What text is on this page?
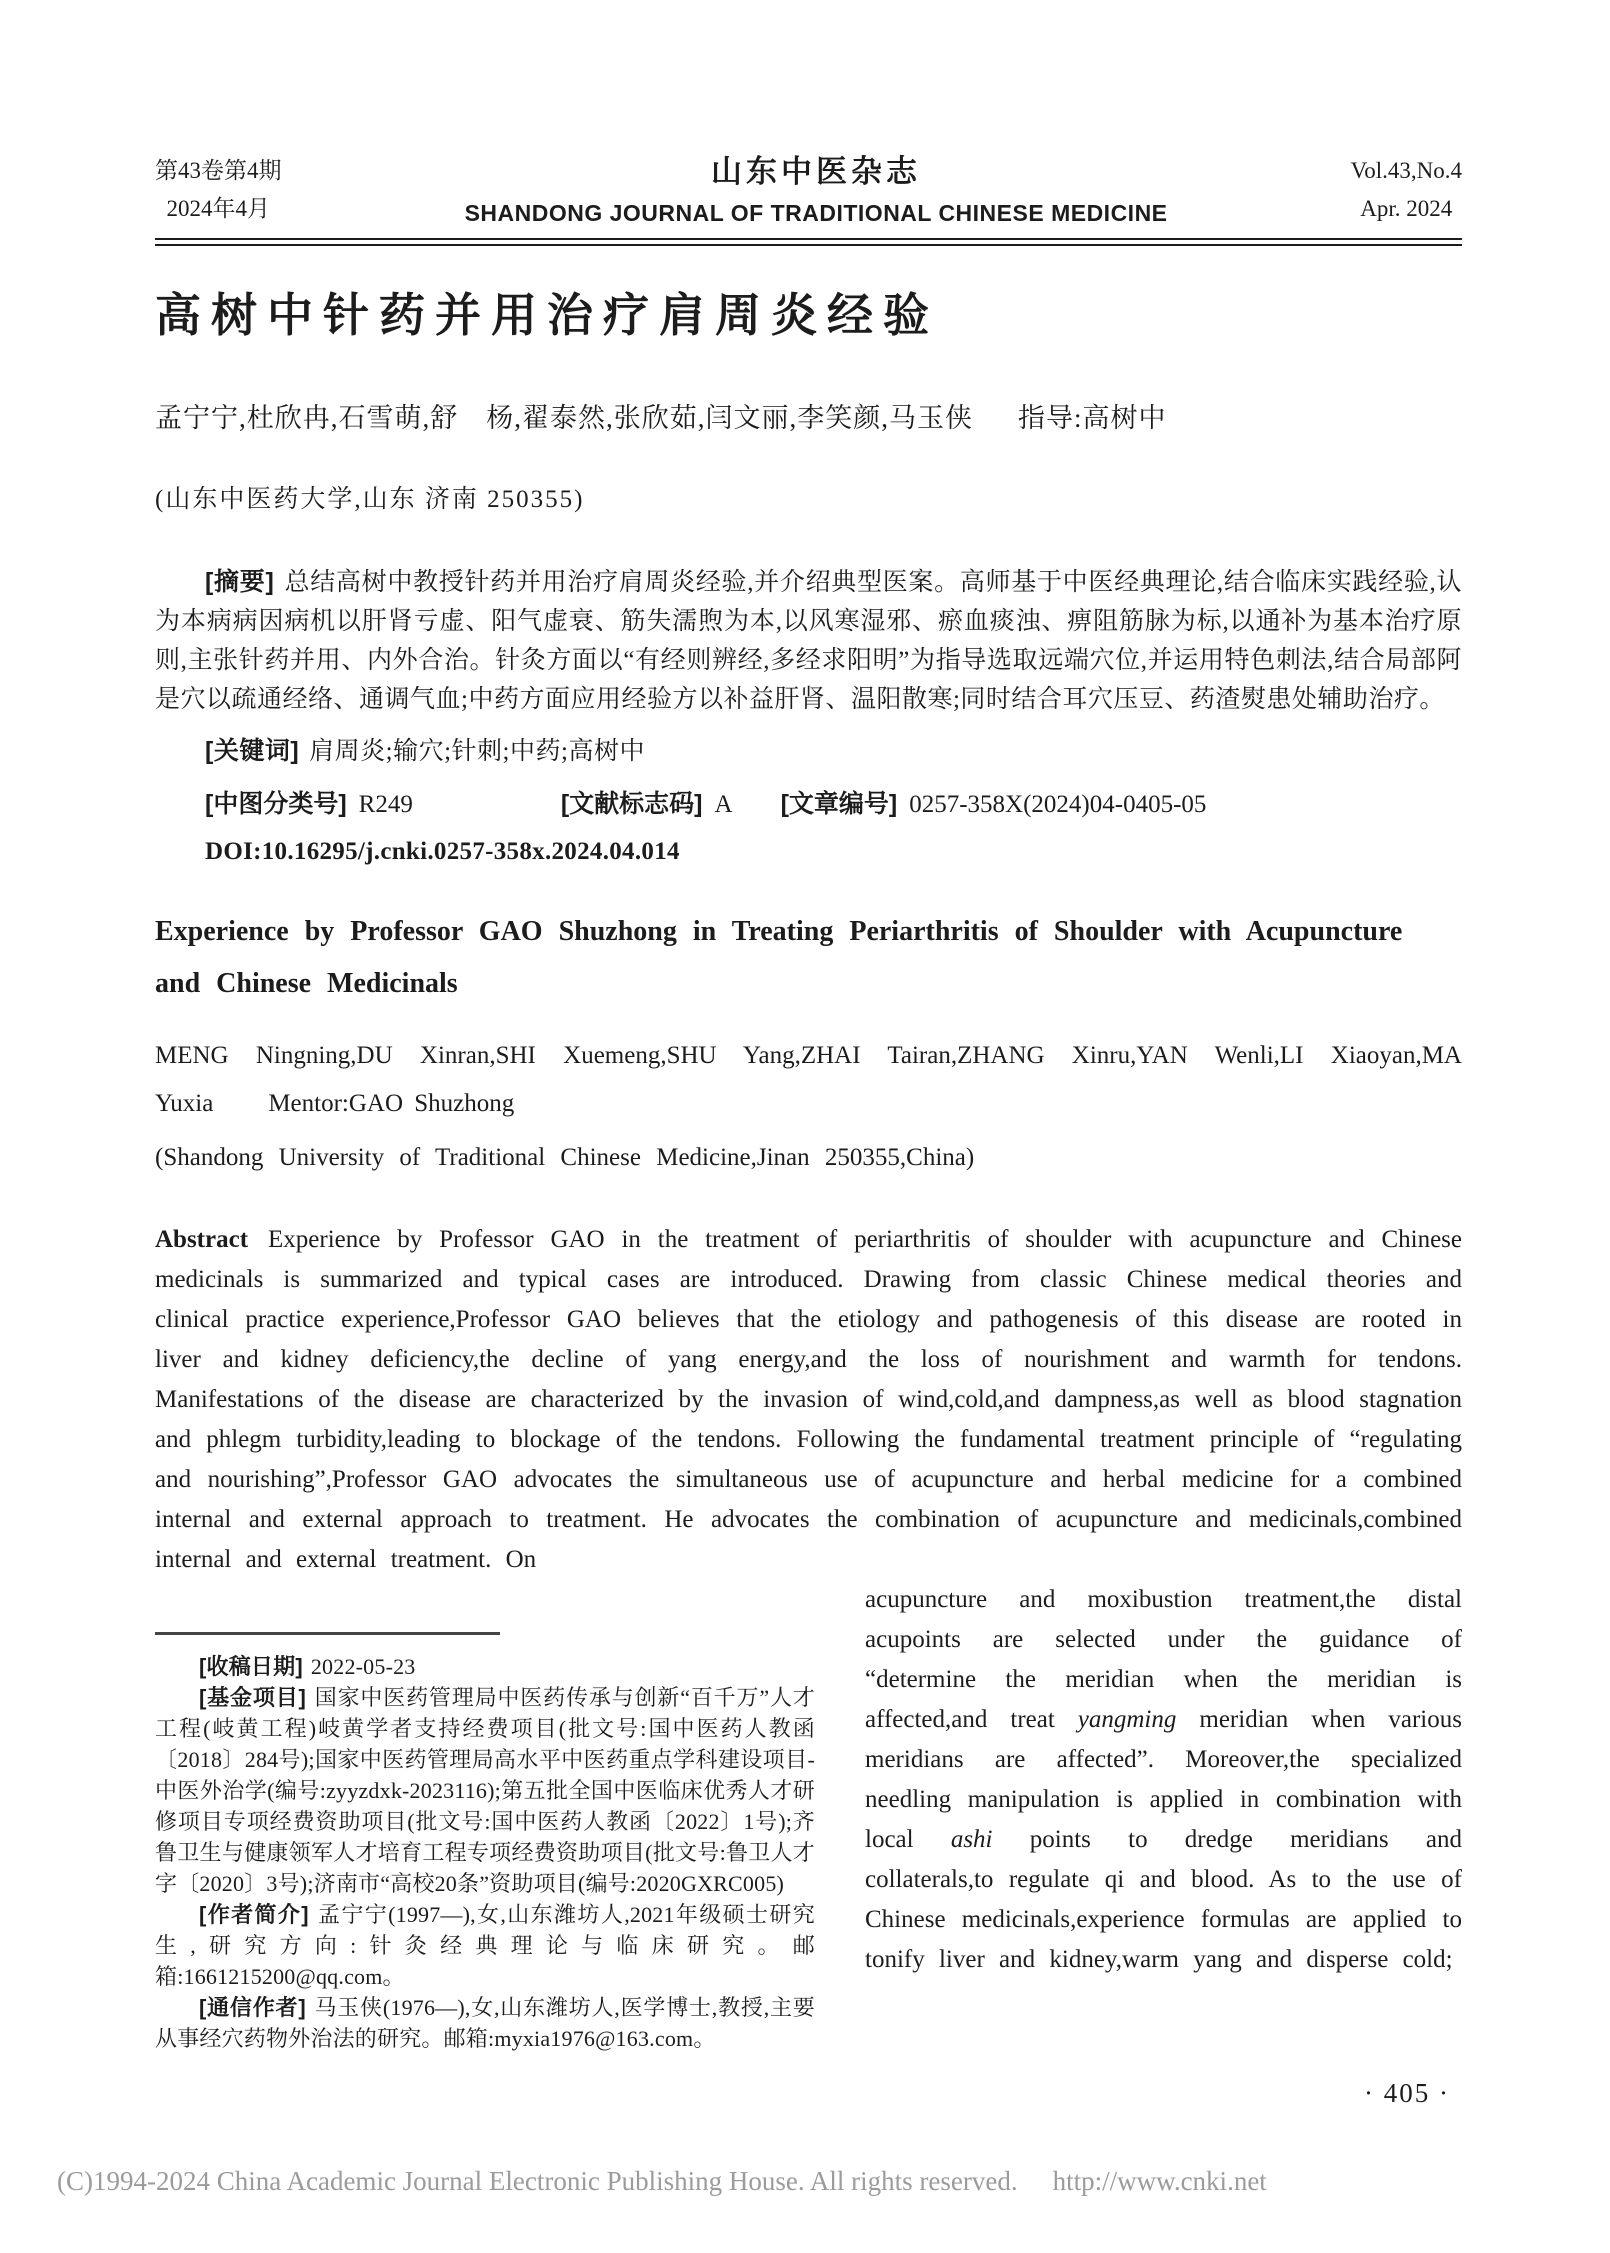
第43卷第4期
2024年4月
山东中医杂志
SHANDONG JOURNAL OF TRADITIONAL CHINESE MEDICINE
Vol.43,No.4
Apr. 2024
高树中针药并用治疗肩周炎经验

孟宁宁,杜欣冉,石雪萌,舒　杨,翟泰然,张欣茹,闫文丽,李笑颜,马玉侠 指导:高树中

(山东中医药大学,山东 济南 250355)

[摘要] 总结高树中教授针药并用治疗肩周炎经验,并介绍典型医案。高师基于中医经典理论,结合临床实践经验,认为本病病因病机以肝肾亏虚、阳气虚衰、筋失濡煦为本,以风寒湿邪、瘀血痰浊、痹阻筋脉为标,以通补为基本治疗原则,主张针药并用、内外合治。针灸方面以“有经则辨经,多经求阳明”为指导选取远端穴位,并运用特色刺法,结合局部阿是穴以疏通经络、通调气血;中药方面应用经验方以补益肝肾、温阳散寒;同时结合耳穴压豆、药渣熨患处辅助治疗。

[关键词] 肩周炎;输穴;针刺;中药;高树中

[中图分类号] R249	[文献标志码] A [文章编号] 0257-358X(2024)04-0405-05

DOI:10.16295/j.cnki.0257-358x.2024.04.014

Experience by Professor GAO Shuzhong in Treating Periarthritis of Shoulder with Acupuncture and Chinese Medicinals

MENG Ningning,DU Xinran,SHI Xuemeng,SHU Yang,ZHAI Tairan,ZHANG Xinru,YAN Wenli,LI Xiaoyan,MA Yuxia Mentor:GAO Shuzhong

(Shandong University of Traditional Chinese Medicine,Jinan 250355,China)

Abstract Experience by Professor GAO in the treatment of periarthritis of shoulder with acupuncture and Chinese medicinals is summarized and typical cases are introduced. Drawing from classic Chinese medical theories and clinical practice experience,Professor GAO believes that the etiology and pathogenesis of this disease are rooted in liver and kidney deficiency,the decline of yang energy,and the loss of nourishment and warmth for tendons. Manifestations of the disease are characterized by the invasion of wind,cold,and dampness,as well as blood stagnation and phlegm turbidity,leading to blockage of the tendons. Following the fundamental treatment principle of “regulating and nourishing”,Professor GAO advocates the simultaneous use of acupuncture and herbal medicine for a combined internal and external approach to treatment. He advocates the combination of acupuncture and medicinals,combined internal and external treatment. On

[收稿日期] 2022-05-23

[基金项目] 国家中医药管理局中医药传承与创新“百千万”人才工程(岐黄工程)岐黄学者支持经费项目(批文号:国中医药人教函〔2018〕284号);国家中医药管理局高水平中医药重点学科建设项目-中医外治学(编号:zyyzdxk-2023116);第五批全国中医临床优秀人才研修项目专项经费资助项目(批文号:国中医药人教函〔2022〕1号);齐鲁卫生与健康领军人才培育工程专项经费资助项目(批文号:鲁卫人才字〔2020〕3号);济南市“高校20条”资助项目(编号:2020GXRC005)

[作者简介] 孟宁宁(1997—),女,山东潍坊人,2021年级硕士研究生,研究方向:针灸经典理论与临床研究。邮箱:1661215200@qq.com。

[通信作者] 马玉侠(1976—),女,山东潍坊人,医学博士,教授,主要从事经穴药物外治法的研究。邮箱:myxia1976@163.com。

acupuncture and moxibustion treatment,the distal acupoints are selected under the guidance of “determine the meridian when the meridian is affected,and treat yangming meridian when various meridians are affected”. Moreover,the specialized needling manipulation is applied in combination with local ashi points to dredge meridians and collaterals,to regulate qi and blood. As to the use of Chinese medicinals,experience formulas are applied to tonify liver and kidney,warm yang and disperse cold;

· 405 ·
(C)1994-2024 China Academic Journal Electronic Publishing House. All rights reserved. http://www.cnki.net
